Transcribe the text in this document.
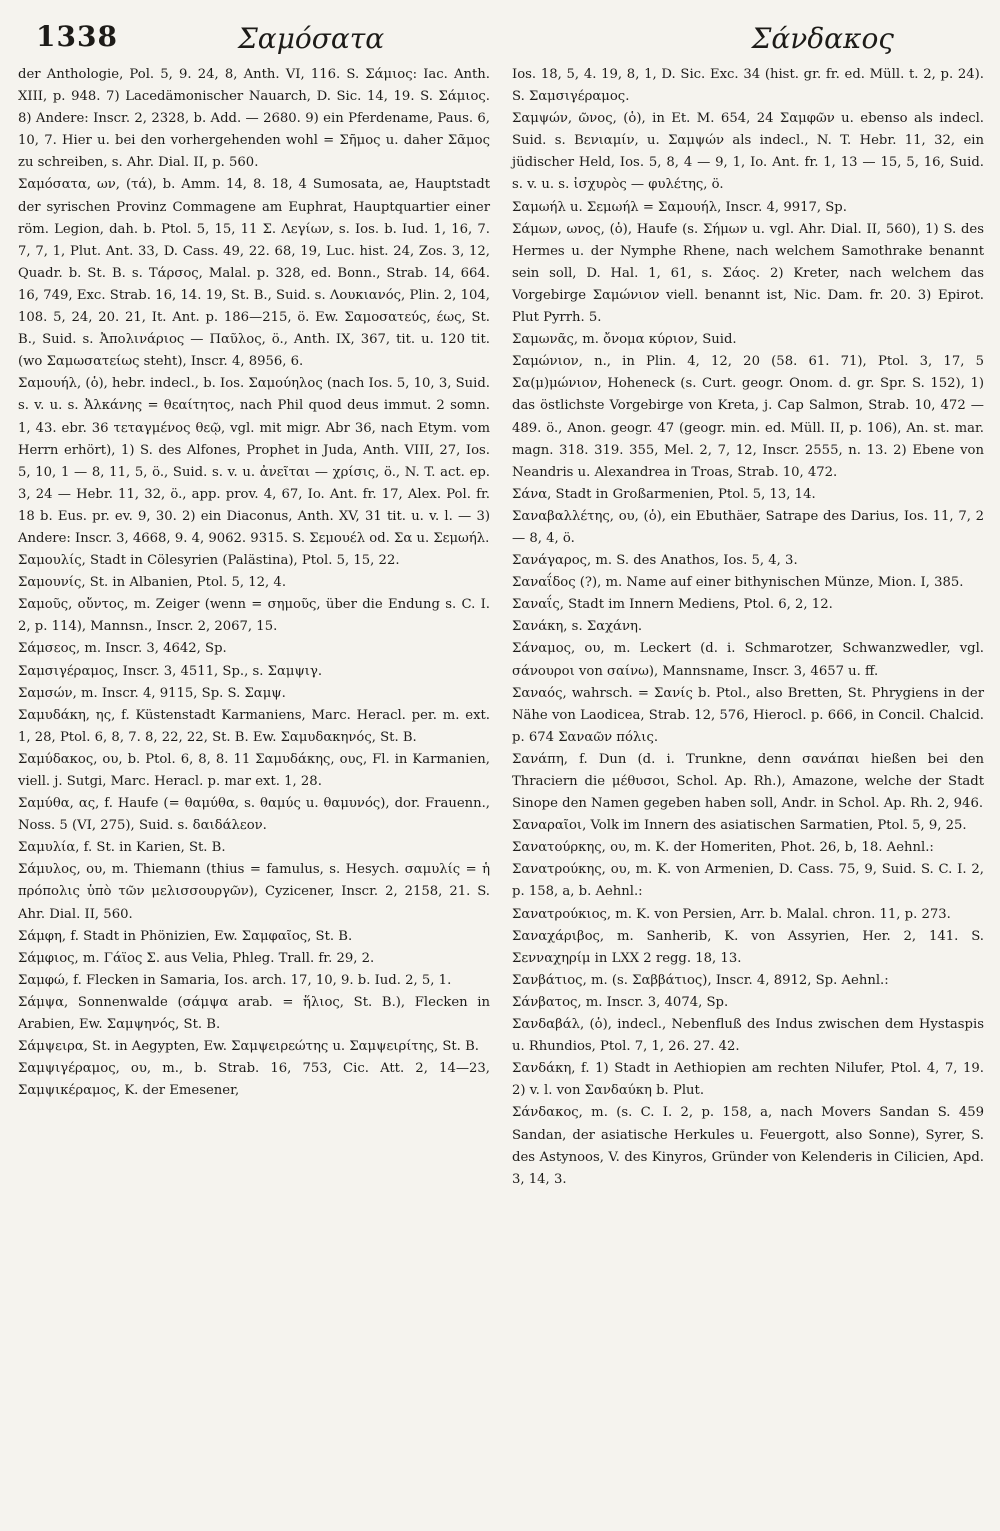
1338	Σαμόσατα	Σάνδακος

der Anthologie, Pol. 5, 9. 24, 8, Anth. VI, 116. S. Σάμιος: Iac. Anth. XIII, p. 948. 7) Lacedämonischer Nauarch, D. Sic. 14, 19. S. Σάμιος. 8) Andere: Inscr. 2, 2328, b. Add. — 2680. 9) ein Pferdename, Paus. 6, 10, 7. Hier u. bei den vorhergehenden wohl = Σῆμος u. daher Σᾶμος zu schreiben, s. Ahr. Dial. II, p. 560.

Σαμόσατα, ων, (τά), b. Amm. 14, 8. 18, 4 Sumosata, ae, Hauptstadt der syrischen Provinz Commagene am Euphrat, Hauptquartier einer röm. Legion, dah. b. Ptol. 5, 15, 11 Σ. Λεγίων, s. Ios. b. Iud. 1, 16, 7. 7, 7, 1, Plut. Ant. 33, D. Cass. 49, 22. 68, 19, Luc. hist. 24, Zos. 3, 12, Quadr. b. St. B. s. Τάρσος, Malal. p. 328, ed. Bonn., Strab. 14, 664. 16, 749, Exc. Strab. 16, 14. 19, St. B., Suid. s. Λουκιανός, Plin. 2, 104, 108. 5, 24, 20. 21, It. Ant. p. 186—215, ö. Ew. Σαμοσατεύς, έως, St. B., Suid. s. Ἀπολινάριος — Παῦλος, ö., Anth. IX, 367, tit. u. 120 tit. (wo Σαμωσατείως steht), Inscr. 4, 8956, 6.

Σαμουήλ, (ὁ), hebr. indecl., b. Ios. Σαμούηλος (nach Ios. 5, 10, 3, Suid. s. v. u. s. Ἀλκάνης = θεαίτητος, nach Phil quod deus immut. 2 somn. 1, 43. ebr. 36 τεταγμένος θεῷ, vgl. mit migr. Abr 36, nach Etym. vom Herrn erhört), 1) S. des Alfones, Prophet in Juda, Anth. VIII, 27, Ios. 5, 10, 1 — 8, 11, 5, ö., Suid. s. v. u. ἀνεῖται — χρίσις, ö., N. T. act. ep. 3, 24 — Hebr. 11, 32, ö., app. prov. 4, 67, Io. Ant. fr. 17, Alex. Pol. fr. 18 b. Eus. pr. ev. 9, 30. 2) ein Diaconus, Anth. XV, 31 tit. u. v. l. — 3) Andere: Inscr. 3, 4668, 9. 4, 9062. 9315. S. Σεμουέλ od. Σα u. Σεμωήλ.

Σαμουλίς, Stadt in Cölesyrien (Palästina), Ptol. 5, 15, 22.

Σαμουνίς, St. in Albanien, Ptol. 5, 12, 4.

Σαμοῦς, οὔντος, m. Zeiger (wenn = σημοῦς, über die Endung s. C. I. 2, p. 114), Mannsn., Inscr. 2, 2067, 15.

Σάμσεος, m. Inscr. 3, 4642, Sp.

Σαμσιγέραμος, Inscr. 3, 4511, Sp., s. Σαμψιγ.

Σαμσών, m. Inscr. 4, 9115, Sp. S. Σαμψ.

Σαμυδάκη, ης, f. Küstenstadt Karmaniens, Marc. Heracl. per. m. ext. 1, 28, Ptol. 6, 8, 7. 8, 22, 22, St. B. Ew. Σαμυδακηνός, St. B.

Σαμύδακος, ου, b. Ptol. 6, 8, 8. 11 Σαμυδάκης, ους, Fl. in Karmanien, viell. j. Sutgi, Marc. Heracl. p. mar ext. 1, 28.

Σαμύθα, ας, f. Haufe (= θαμύθα, s. θαμύς u. θαμυνός), dor. Frauenn., Noss. 5 (VI, 275), Suid. s. δαιδάλεον.

Σαμυλία, f. St. in Karien, St. B.

Σάμυλος, ου, m. Thiemann (thius = famulus, s. Hesych. σαμυλίς = ἡ πρόπολις ὑπὸ τῶν μελισσουργῶν), Cyzicener, Inscr. 2, 2158, 21. S. Ahr. Dial. II, 560.

Σάμφη, f. Stadt in Phönizien, Ew. Σαμφαῖος, St. B.

Σάμφιος, m. Γάϊος Σ. aus Velia, Phleg. Trall. fr. 29, 2.

Σαμφώ, f. Flecken in Samaria, Ios. arch. 17, 10, 9. b. Iud. 2, 5, 1.

Σάμψα, Sonnenwalde (σάμψα arab. = ἥλιος, St. B.), Flecken in Arabien, Ew. Σαμψηνός, St. B.

Σάμψειρα, St. in Aegypten, Ew. Σαμψειρεώτης u. Σαμψειρίτης, St. B.

Σαμψιγέραμος, ου, m., b. Strab. 16, 753, Cic. Att. 2, 14—23, Σαμψικέραμος, K. der Emesener,

Ios. 18, 5, 4. 19, 8, 1, D. Sic. Exc. 34 (hist. gr. fr. ed. Müll. t. 2, p. 24). S. Σαμσιγέραμος.

Σαμψών, ῶνος, (ὁ), in Et. M. 654, 24 Σαμφῶν u. ebenso als indecl. Suid. s. Βενιαμίν, u. Σαμψών als indecl., N. T. Hebr. 11, 32, ein jüdischer Held, Ios. 5, 8, 4 — 9, 1, Io. Ant. fr. 1, 13 — 15, 5, 16, Suid. s. v. u. s. ἰσχυρὸς — φυλέτης, ö.

Σαμωήλ u. Σεμωήλ = Σαμουήλ, Inscr. 4, 9917, Sp.

Σάμων, ωνος, (ὁ), Haufe (s. Σήμων u. vgl. Ahr. Dial. II, 560), 1) S. des Hermes u. der Nymphe Rhene, nach welchem Samothrake benannt sein soll, D. Hal. 1, 61, s. Σάος. 2) Kreter, nach welchem das Vorgebirge Σαμώνιον viell. benannt ist, Nic. Dam. fr. 20. 3) Epirot. Plut Pyrrh. 5.

Σαμωνᾶς, m. ὄνομα κύριον, Suid.

Σαμώνιον, n., in Plin. 4, 12, 20 (58. 61. 71), Ptol. 3, 17, 5 Σα(μ)μώνιον, Hoheneck (s. Curt. geogr. Onom. d. gr. Spr. S. 152), 1) das östlichste Vorgebirge von Kreta, j. Cap Salmon, Strab. 10, 472 — 489. ö., Anon. geogr. 47 (geogr. min. ed. Müll. II, p. 106), An. st. mar. magn. 318. 319. 355, Mel. 2, 7, 12, Inscr. 2555, n. 13. 2) Ebene von Neandris u. Alexandrea in Troas, Strab. 10, 472.

Σάνα, Stadt in Großarmenien, Ptol. 5, 13, 14.

Σαναβαλλέτης, ου, (ὁ), ein Ebuthäer, Satrape des Darius, Ios. 11, 7, 2 — 8, 4, ö.

Σανάγαρος, m. S. des Anathos, Ios. 5, 4, 3.

Σαναΐδος (?), m. Name auf einer bithynischen Münze, Mion. I, 385.

Σαναΐς, Stadt im Innern Mediens, Ptol. 6, 2, 12.

Σανάκη, s. Σαχάνη.

Σάναμος, ου, m. Leckert (d. i. Schmarotzer, Schwanzwedler, vgl. σάνουροι von σαίνω), Mannsname, Inscr. 3, 4657 u. ff.

Σαναός, wahrsch. = Σανίς b. Ptol., also Bretten, St. Phrygiens in der Nähe von Laodicea, Strab. 12, 576, Hierocl. p. 666, in Concil. Chalcid. p. 674 Σαναῶν πόλις.

Σανάπη, f. Dun (d. i. Trunkne, denn σανάπαι hießen bei den Thraciern die μέθυσοι, Schol. Ap. Rh.), Amazone, welche der Stadt Sinope den Namen gegeben haben soll, Andr. in Schol. Ap. Rh. 2, 946.

Σαναραῖοι, Volk im Innern des asiatischen Sarmatien, Ptol. 5, 9, 25.

Σανατούρκης, ου, m. K. der Homeriten, Phot. 26, b, 18. Aehnl.:

Σανατρούκης, ου, m. K. von Armenien, D. Cass. 75, 9, Suid. S. C. I. 2, p. 158, a, b. Aehnl.:

Σανατρούκιος, m. K. von Persien, Arr. b. Malal. chron. 11, p. 273.

Σαναχάριβος, m. Sanherib, K. von Assyrien, Her. 2, 141. S. Σενναχηρίμ in LXX 2 regg. 18, 13.

Σανβάτιος, m. (s. Σαββάτιος), Inscr. 4, 8912, Sp. Aehnl.:

Σάνβατος, m. Inscr. 3, 4074, Sp.

Σανδαβάλ, (ὁ), indecl., Nebenfluß des Indus zwischen dem Hystaspis u. Rhundios, Ptol. 7, 1, 26. 27. 42.

Σανδάκη, f. 1) Stadt in Aethiopien am rechten Nilufer, Ptol. 4, 7, 19. 2) v. l. von Σανδαύκη b. Plut.

Σάνδακος, m. (s. C. I. 2, p. 158, a, nach Movers Sandan S. 459 Sandan, der asiatische Herkules u. Feuergott, also Sonne), Syrer, S. des Astynoos, V. des Kinyros, Gründer von Kelenderis in Cilicien, Apd. 3, 14, 3.
